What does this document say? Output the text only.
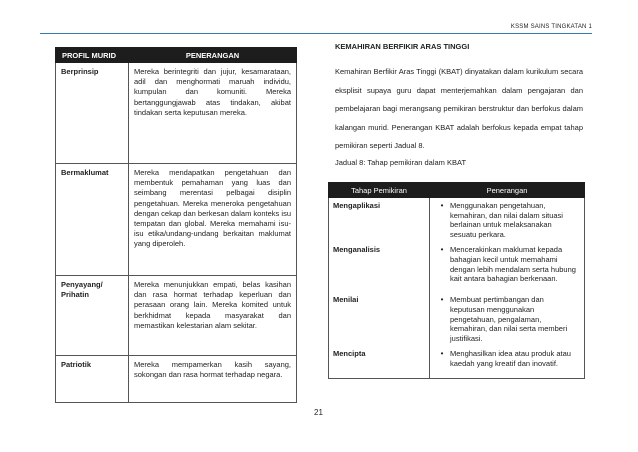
KSSM SAINS TINGKATAN 1
PROFIL MURID	PENERANGAN
Berprinsip	Mereka berintegriti dan jujur, kesamarataan, adil dan menghormati maruah individu, kumpulan dan komuniti. Mereka bertanggungjawab atas tindakan, akibat tindakan serta keputusan mereka.
Bermaklumat	Mereka mendapatkan pengetahuan dan membentuk pemahaman yang luas dan seimbang merentasi pelbagai disiplin pengetahuan. Mereka meneroka pengetahuan dengan cekap dan berkesan dalam konteks isu tempatan dan global. Mereka memahami isu-isu etika/undang-undang berkaitan maklumat yang diperoleh.
Penyayang/ Prihatin	Mereka menunjukkan empati, belas kasihan dan rasa hormat terhadap keperluan dan perasaan orang lain. Mereka komited untuk berkhidmat kepada masyarakat dan memastikan kelestarian alam sekitar.
Patriotik	Mereka mempamerkan kasih sayang, sokongan dan rasa hormat terhadap negara.
KEMAHIRAN BERFIKIR ARAS TINGGI

Kemahiran Berfikir Aras Tinggi (KBAT) dinyatakan dalam kurikulum secara eksplisit supaya guru dapat menterjemahkan dalam pengajaran dan pembelajaran bagi merangsang pemikiran berstruktur dan berfokus dalam kalangan murid. Penerangan KBAT adalah berfokus kepada empat tahap pemikiran seperti Jadual 8.

Jadual 8: Tahap pemikiran dalam KBAT
Tahap Pemikiran	Penerangan
Mengaplikasi	• Menggunakan pengetahuan, kemahiran, dan nilai dalam situasi berlainan untuk melaksanakan sesuatu perkara.

Menganalisis	• Mencerakinkan maklumat kepada bahagian kecil untuk memahami dengan lebih mendalam serta hubung kait antara bahagian berkenaan.

Menilai	• Membuat pertimbangan dan keputusan menggunakan pengetahuan, pengalaman, kemahiran, dan nilai serta memberi justifikasi.

Mencipta	• Menghasilkan idea atau produk atau kaedah yang kreatif dan inovatif.
21
